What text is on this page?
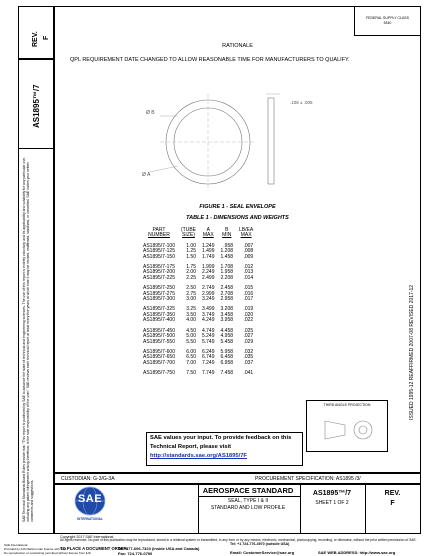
REV. F
AS1895™/7
SAE Technical Standards Board Rules provide that: "This report is published by SAE to advance the state of technical and engineering sciences. The use of this report is entirely voluntary, and its applicability and suitability for any particular use, including any patent infringement arising therefrom, is the sole responsibility of the user." SAE reviews each technical report at least every five years at which time it may be revised, reaffirmed, stabilized, or cancelled. SAE invites your written comments and suggestions.
FEDERAL SUPPLY CLASS
5340
RATIONALE
QPL REQUIREMENT DATE CHANGED TO ALLOW REASONABLE TIME FOR MANUFACTURERS TO QUALIFY.
Ø B
Ø A
.108 ± .005
FIGURE 1 - SEAL ENVELOPE
TABLE 1 - DIMENSIONS AND WEIGHTS
PART	(TUBE	A	B	LB/EA
NUMBER	SIZE)	MAX	MIN	MAX

AS1895/7-100	1.00	1.249	.958	.007
AS1895/7-125	1.25	1.499	1.208	.008
AS1895/7-150	1.50	1.749	1.458	.009

AS1895/7-175	1.75	1.999	1.708	.012
AS1895/7-200	2.00	2.249	1.958	.013
AS1895/7-225	2.25	2.499	2.208	.014

AS1895/7-250	2.50	2.749	2.458	.015
AS1895/7-275	2.75	2.999	2.708	.016
AS1895/7-300	3.00	3.249	2.958	.017

AS1895/7-325	3.25	3.499	3.208	.019
AS1895/7-350	3.50	3.749	3.458	.020
AS1895/7-400	4.00	4.249	3.958	.022

AS1895/7-450	4.50	4.749	4.458	.025
AS1895/7-500	5.00	5.249	4.958	.027
AS1895/7-550	5.50	5.749	5.458	.029

AS1895/7-600	6.00	6.249	5.958	.032
AS1895/7-650	6.50	6.749	6.458	.035
AS1895/7-700	7.00	7.249	6.958	.037

AS1895/7-750	7.50	7.749	7.458	.041	ISSUED 1995-12 REAFFIRMED 2007-08 REVISED 2017-12
THIRD ANGLE PROJECTION
SAE values your input. To provide feedback on this
Technical Report, please visit
http://standards.sae.org/AS1895/7F
CUSTODIAN: G-3/G-3A	PROCUREMENT SPECIFICATION: AS1895 /3/
SAE
INTERNATIONAL
AEROSPACE STANDARD
SEAL, TYPE I & II
STANDARD AND LOW PROFILE
AS1895™/7
SHEET 1 OF 2
REV.
F
Copyright 2017 SAE International
All rights reserved. No part of this publication may be reproduced, stored in a retrieval system or transmitted, in any form or by any means, electronic, mechanical, photocopying, recording, or otherwise, without the prior written permission of SAE.
SAE International
Provided by IHS Markit under license with SAE
No reproduction or networking permitted without license from IHS
TO PLACE A DOCUMENT ORDER:
Tel: 877-606-7323 (inside USA and Canada)
Fax: 724-776-0790
Tel: +1 724-776-4970 (outside USA)
Email: CustomerService@sae.org	SAE WEB ADDRESS: http://www.sae.org
